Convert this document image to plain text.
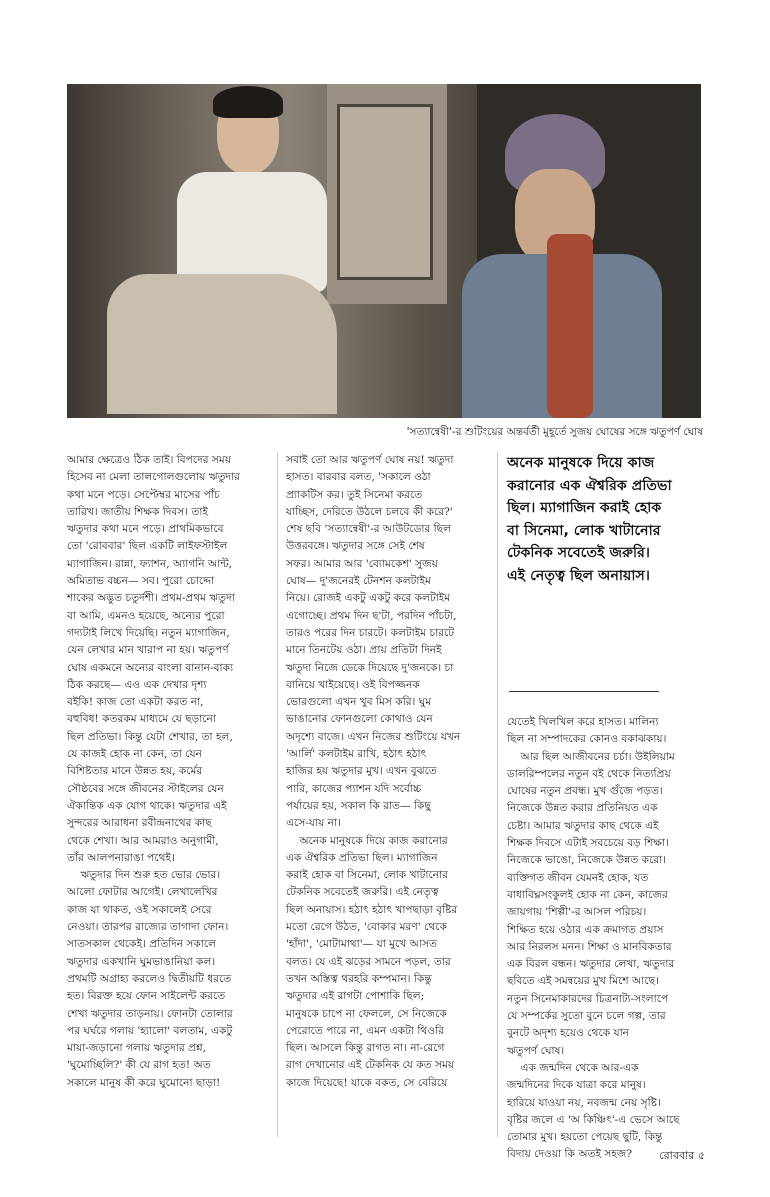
'সত্যান্বেষী'-র শুটিংয়ের অন্তর্বর্তী মুহূর্তে সুজয় ঘোষের সঙ্গে ঋতুপর্ণ ঘোষ

আমার ক্ষেত্রেও ঠিক তাই। বিপদের সময়

হিসেব না মেলা তালগোলগুলোয় ঋতুদার

কথা মনে পড়ে। সেপ্টেম্বর মাসের পাঁচ

তারিখ। জাতীয় শিক্ষক দিবস। তাই

ঋতুদার কথা মনে পড়ে। প্রাথমিকভাবে

তো 'রোববার' ছিল একটি লাইফস্টাইল

ম্যাগাজিন। রান্না, ফ্যাশন, অ্যাগনি আন্ট,

অমিতাভ বচ্চন— সব। পুরো চোদ্দো

শাকের অদ্ভুত চতুর্দশী। প্রথম-প্রথম ঋতুদা

বা আমি, এমনও হয়েছে, অন্যের পুরো

গদ্যটাই লিখে দিয়েছি। নতুন ম্যাগাজিন,

যেন লেখার মান খারাপ না হয়। ঋতুপর্ণ

ঘোষ একমনে অন্যের বাংলা বানান-বাক্য

ঠিক করছে— এও এক দেখার দৃশ্য

বইকি! কাজ তো একটা করত না,

বহুবিধ! কতরকম মাধ্যমে যে ছড়ানো

ছিল প্রতিভা। কিন্তু যেটা শেখার, তা হল,

যে কাজই হোক না কেন, তা যেন

বিশিষ্টতার মানে উন্নত হয়, কর্মের

সৌষ্ঠবের সঙ্গে জীবনের স্টাইলের যেন

ঐকান্তিক এক যোগ থাকে। ঋতুদার এই

সুন্দরের আরাধনা রবীন্দ্রনাথের কাছ

থেকে শেখা। আর আমরাও অনুগামী,

তাঁর আলপনারাঙা পথেই।

ঋতুদার দিন শুরু হত ভোর ভোর।

আলো ফোটার আগেই। লেখালেখির

কাজ যা থাকত, ওই সকালেই সেরে

নেওয়া। তারপর রাজ্যের তাগাদা ফোন।

সাতসকাল থেকেই। প্রতিদিন সকালে

ঋতুদার একখানি ঘুমভাঙানিয়া কল।

প্রথমটি অগ্রাহ্য করলেও দ্বিতীয়টি ধরতে

হত। বিরক্ত হয়ে ফোন সাইলেন্ট করতে

শেখা ঋতুদার তাড়নায়। ফোনটা তোলার

পর ঘর্ঘরে গলায় 'হ্যালো' বলতাম, একটু

মায়া-জড়ানো গলায় ঋতুদার প্রশ্ন,

'ঘুমোচ্ছিলি?' কী যে রাগ হত! অত

সকালে মানুষ কী করে ঘুমোনো ছাড়া!

সবাই তো আর ঋতুপর্ণ ঘোষ নয়! ঋতুদা

হাসত। বারবার বলত, 'সকালে ওঠা

প্র্যাকটিস কর। তুই সিনেমা করতে

যাচ্ছিস, দেরিতে উঠলে চলবে কী করে?'

শেষ ছবি 'সত্যান্বেষী'-র আউটডোর ছিল

উত্তরবঙ্গে। ঋতুদার সঙ্গে সেই শেষ

সফর। আমার আর 'ব্যোমকেশ' সুজয়

ঘোষ— দু'জনেরই টেনশন কলটাইম

নিয়ে। রোজই একটু একটু করে কলটাইম

এগোচ্ছে। প্রথম দিন ছ'টা, পরদিন পাঁচটা,

তারও পরের দিন চারটে। কলটাইম চারটে

মানে তিনটেয় ওঠা। প্রায় প্রতিটা দিনই

ঋতুদা নিজে ডেকে দিয়েছে দু'জনকে। চা

বানিয়ে খাইয়েছে। ওই বিপজ্জনক

ভোরগুলো এখন খুব মিস করি। ঘুম

ভাঙানোর ফোনগুলো কোথাও যেন

অদৃশ্যে বাজে। এখন নিজের শুটিংয়ে যখন

'আর্লি' কলটাইম রাখি, হঠাৎ হঠাৎ

হাজির হয় ঋতুদার মুখ। এখন বুঝতে

পারি, কাজের প্যাশন যদি সর্বোচ্চ

পর্যায়ের হয়, সকাল কি রাত— কিছু

এসে-যায় না।

অনেক মানুষকে দিয়ে কাজ করানোর

এক ঐশ্বরিক প্রতিভা ছিল। ম্যাগাজিন

করাই হোক বা সিনেমা, লোক খাটানোর

টেকনিক সবেতেই জরুরি। এই নেতৃত্ব

ছিল অনায়াস। হঠাৎ হঠাৎ খাপছাড়া বৃষ্টির

মতো রেগে উঠত, 'বোকার মরণ' থেকে

'হাঁদা', 'মোটামাথা'— যা মুখে আসত

বলত। যে এই ঝড়ের সামনে পড়ল, তার

তখন অস্তিত্ব থরহরি কম্পমান। কিন্তু

ঋতুদার এই রাগটা পোশাকি ছিল;

মানুষকে চাপে না ফেললে, সে নিজেকে

পেরোতে পারে না, এমন একটা থিওরি

ছিল। আসলে কিন্তু রাগত না। না-রেগে

রাগ দেখানোর এই টেকনিক যে কত সময়

কাজে দিয়েছে! যাকে বকত, সে বেরিয়ে

অনেক মানুষকে দিয়ে কাজ

করানোর এক ঐশ্বরিক প্রতিভা

ছিল। ম্যাগাজিন করাই হোক

বা সিনেমা, লোক খাটানোর

টেকনিক সবেতেই জরুরি।

এই নেতৃত্ব ছিল অনায়াস।

যেতেই খিলখিল করে হাসত। মালিন্য

ছিল না সম্পাদকের কোনও বকাঝকায়।

আর ছিল আজীবনের চর্চা। উইলিয়াম

ডালরিম্পলের নতুন বই থেকে নিত্যপ্রিয়

ঘোষের নতুন প্রবন্ধ। মুখ গুঁজে পড়ত।

নিজেকে উন্নত করার প্রতিনিয়ত এক

চেষ্টা। আমার ঋতুদার কাছ থেকে এই

শিক্ষক দিবসে এটাই সবচেয়ে বড় শিক্ষা।

নিজেকে ভাঙো, নিজেকে উন্নত করো।

ব্যক্তিগত জীবন যেমনই হোক, যত

বাধাবিঘ্নসংকুলই হোক না কেন, কাজের

জায়গায় 'শিল্পী'-র আসল পরিচয়।

শিক্ষিত হয়ে ওঠার এক ক্রমাগত প্রয়াস

আর নিরলস মনন। শিক্ষা ও মানবিকতার

এক বিরল বন্ধন। ঋতুদার লেখা, ঋতুদার

ছবিতে এই সমন্বয়ের মুখ মিশে আছে।

নতুন সিনেমাকারদের চিত্রনাট্য-সংলাপে

যে সম্পর্কের সুতো বুনে চলে গল্প, তার

বুনটে অদৃশ্য হয়েও থেকে যান

ঋতুপর্ণ ঘোষ।

এক জন্মদিন থেকে আর-এক

জন্মদিনের দিকে যাত্রা করে মানুষ।

হারিয়ে যাওয়া নয়, নবজন্ম নেয় সৃষ্টি।

বৃষ্টির জলে এ 'অ কিঞ্চিৎ'-এ ভেসে আছে

তোমার মুখ। হয়তো পেয়েছ ছুটি, কিন্তু

বিদায় দেওয়া কি অতই সহজ?	রোববার ৫
